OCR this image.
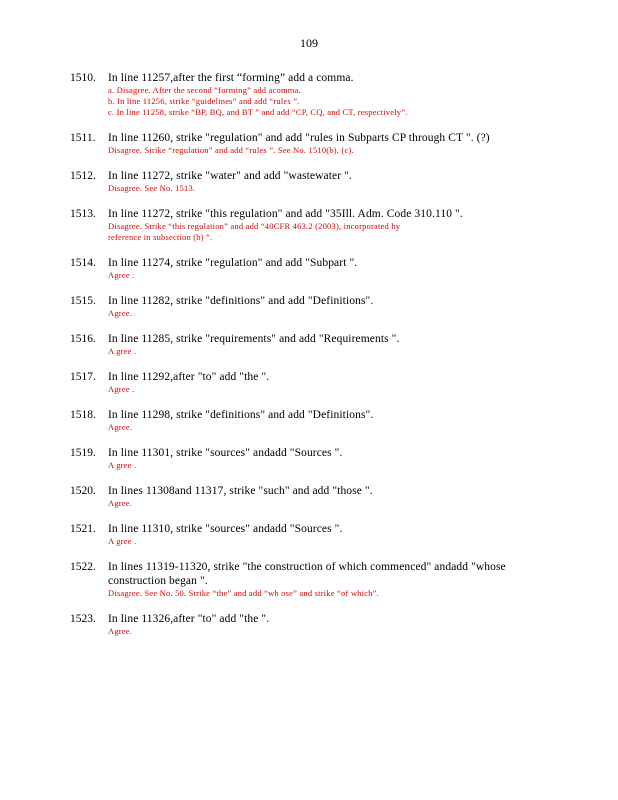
109
1510.	In line 11257,after the first “forming” add a comma.
a. Disagree. After the second “forming” add acomma.
b. In line 11256, strike “guidelines” and add “rules ”.
c. In line 11258, strike “BP, BQ, and BT ” and add “CP, CQ, and CT, respectively”.
1511.	In line 11260, strike "regulation" and add "rules in Subparts CP through CT ". (?)
Disagree. Strike “regulation” and add “rules ”. See No. 1510(b), (c).
1512.	In line 11272, strike "water" and add "wastewater ".
Disagree. See No. 1513.
1513.	In line 11272, strike "this regulation" and add "35Ill. Adm. Code 310.110 ".
Disagree. Strike “this regulation” and add “40CFR 463.2 (2003), incorporated by
reference in subsection (b) ”.
1514.	In line 11274, strike "regulation" and add "Subpart ".
Agree .
1515.	In line 11282, strike "definitions" and add "Definitions".
Agree.
1516.	In line 11285, strike "requirements" and add "Requirements ".
A gree .
1517.	In line 11292,after "to" add "the ".
Agree .
1518.	In line 11298, strike "definitions" and add "Definitions".
Agree.
1519.	In line 11301, strike "sources" andadd "Sources ".
A gree .
1520.	In lines 11308and 11317, strike "such" and add "those ".
Agree.
1521.	In line 11310, strike "sources" andadd "Sources ".
A gree .
1522.	In lines 11319-11320, strike "the construction of which commenced" andadd "whose
construction began ".
Disagree. See No. 50. Strike “the” and add “wh ose” and strike “of which”.
1523.	In line 11326,after "to" add "the ".
Agree.
